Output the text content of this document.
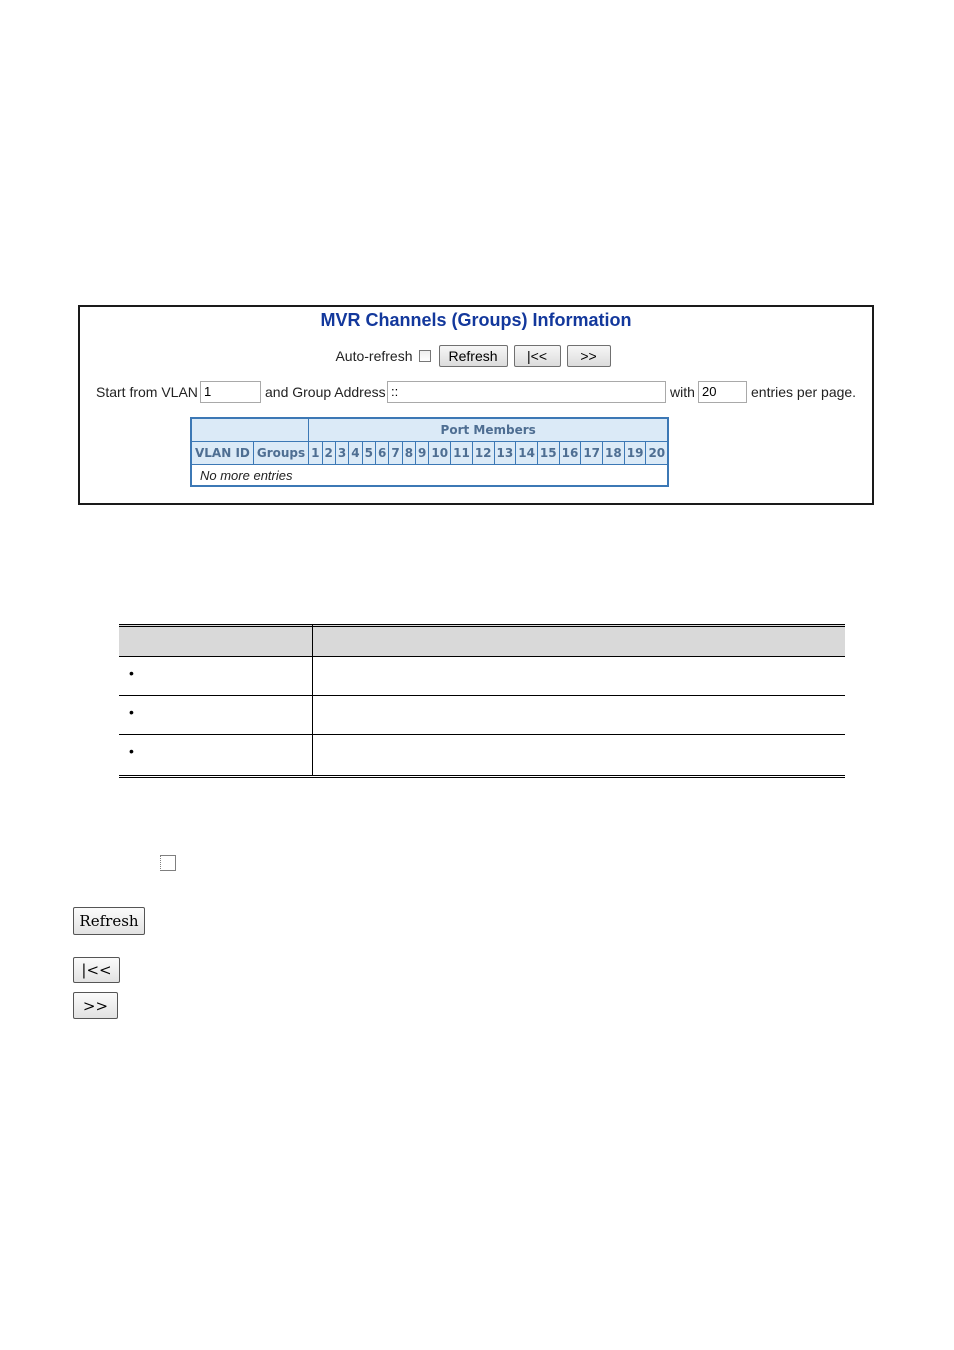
MVR Channels (Groups) Information
Auto-refresh	Refresh	|<<	>>
Start from VLAN 1	and Group Address ::	with 20	entries per page.
		Port Members																			
VLAN ID	Groups	1	2	3	4	5	6	7	8	9	10	11	12	13	14	15	16	17	18	19	20
No more entries																					
•
•
•
Refresh
|<<
>>
